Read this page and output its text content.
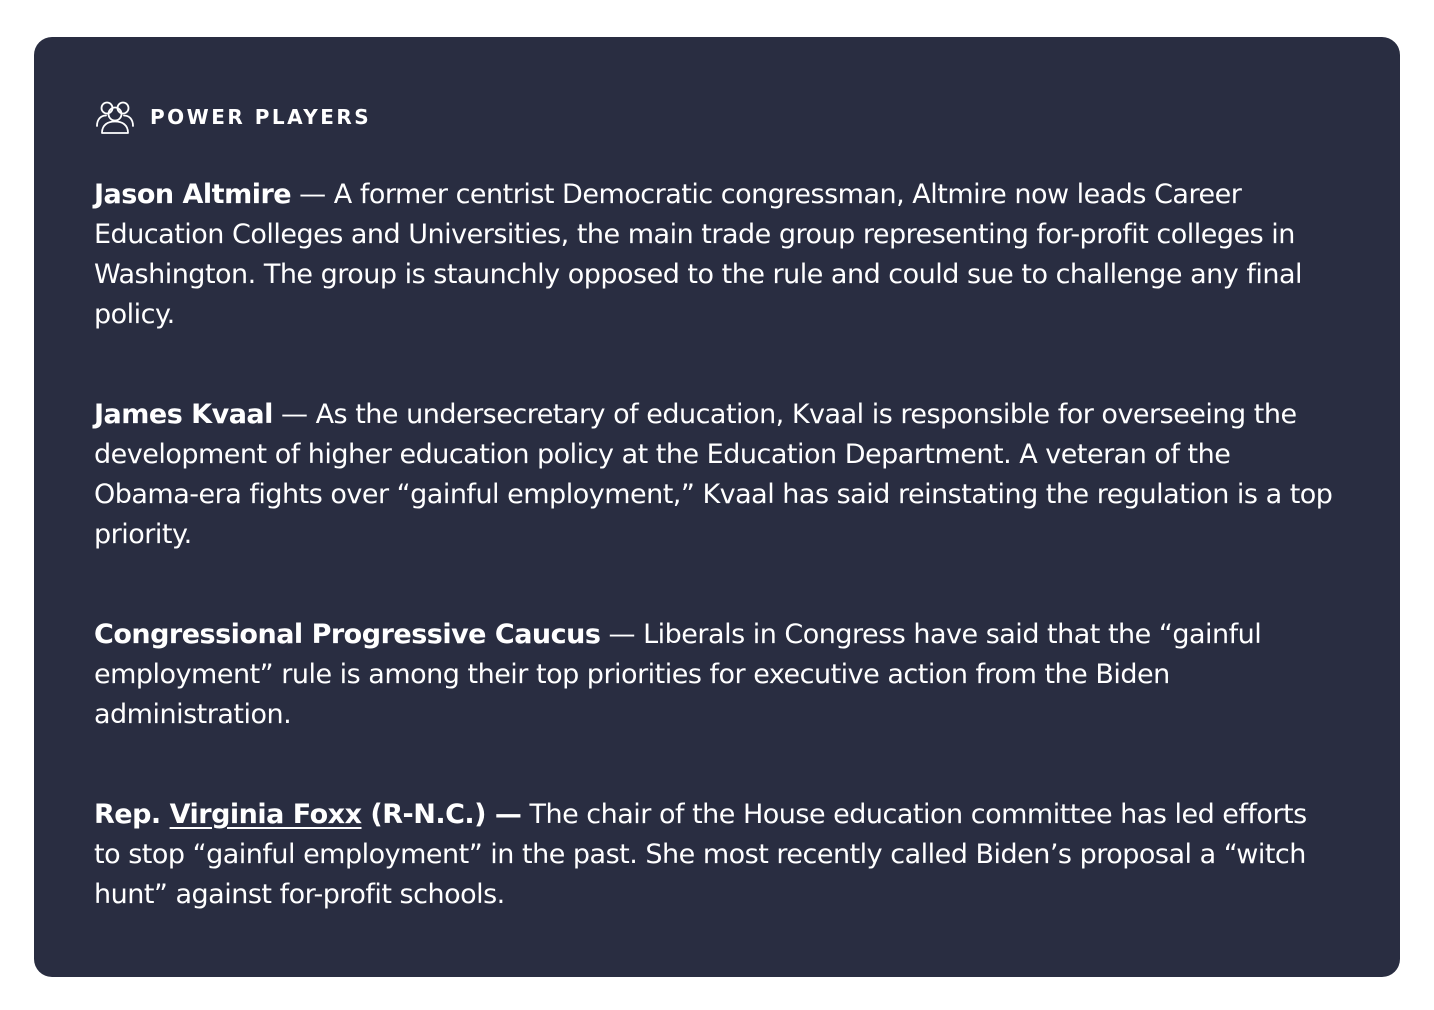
POWER PLAYERS

Jason Altmire — A former centrist Democratic congressman, Altmire now leads Career Education Colleges and Universities, the main trade group representing for-profit colleges in Washington. The group is staunchly opposed to the rule and could sue to challenge any final policy.

James Kvaal — As the undersecretary of education, Kvaal is responsible for overseeing the development of higher education policy at the Education Department. A veteran of the Obama-era fights over “gainful employment,” Kvaal has said reinstating the regulation is a top priority.

Congressional Progressive Caucus — Liberals in Congress have said that the “gainful employment” rule is among their top priorities for executive action from the Biden administration.

Rep. Virginia Foxx (R-N.C.) — The chair of the House education committee has led efforts to stop “gainful employment” in the past. She most recently called Biden’s proposal a “witch hunt” against for-profit schools.
